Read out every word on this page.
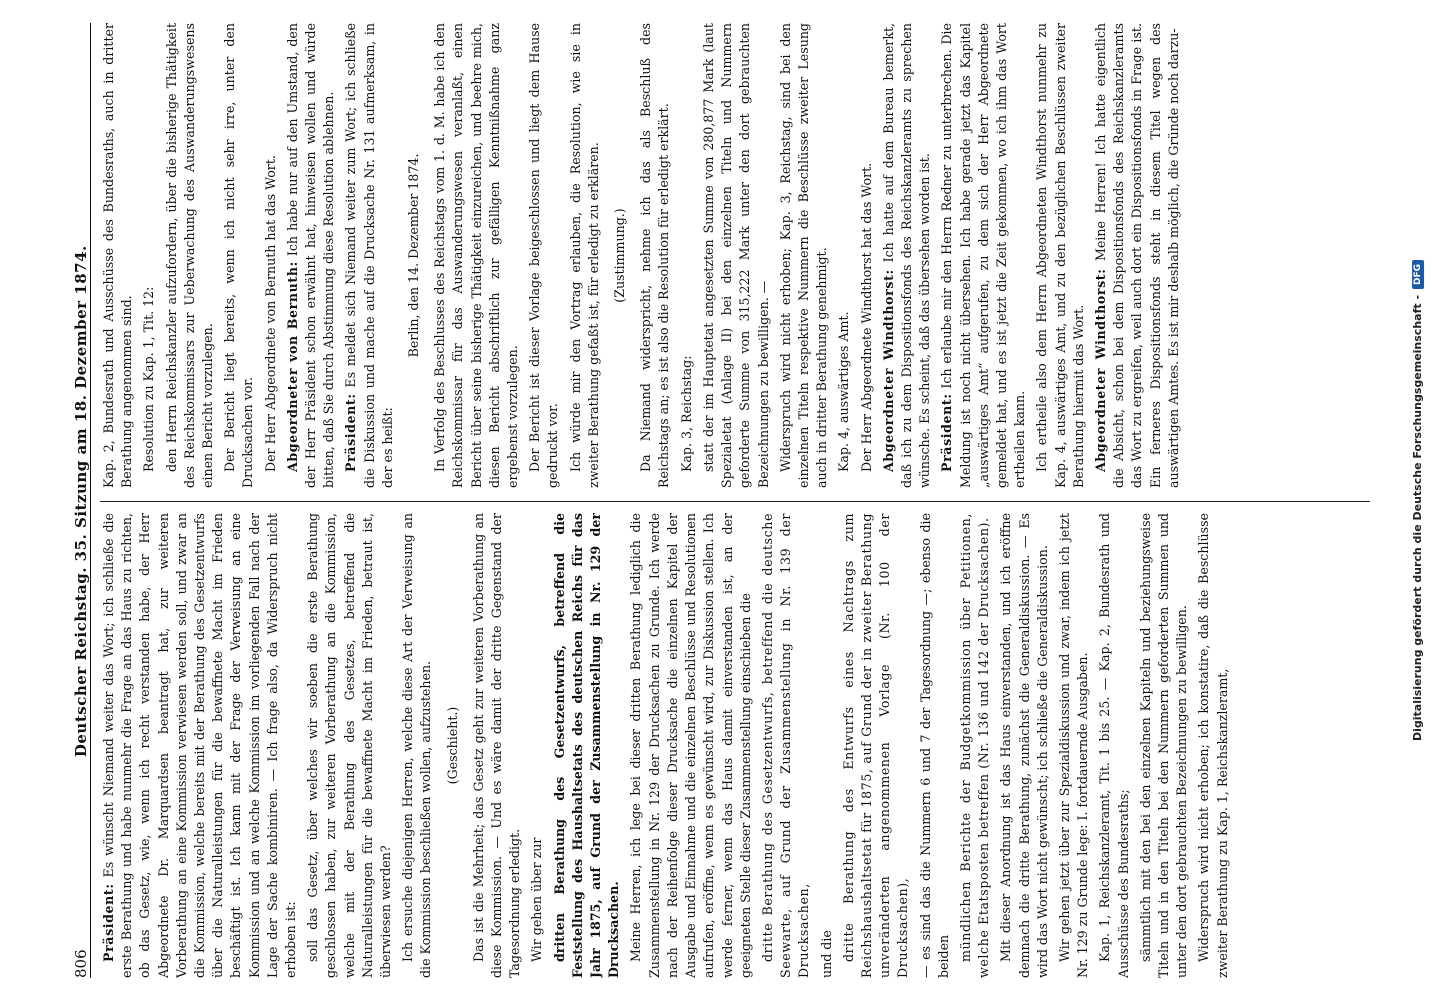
806
Deutscher Reichstag. 35. Sitzung am 18. Dezember 1874.

Präsident: Es wünscht Niemand weiter das Wort; ich schließe die erste Berathung und habe nunmehr die Frage an das Haus zu richten, ob das Gesetz, wie, wenn ich recht verstanden habe, der Herr Abgeordnete Dr. Marquardsen beantragt hat, zur weiteren Vorberathung an eine Kommission verwiesen werden soll, und zwar an die Kommission, welche bereits mit der Berathung des Gesetzentwurfs über die Naturalleistungen für die bewaffnete Macht im Frieden beschäftigt ist. Ich kann mit der Frage der Verweisung an eine Kommission und an welche Kommission im vorliegenden Fall nach der Lage der Sache kombiniren. — Ich frage also, da Widerspruch nicht erhoben ist: soll das Gesetz, über welches wir soeben die erste Berathung geschlossen haben, zur weiteren Vorberathung an die Kommission, welche mit der Berathung des Gesetzes, betreffend die Naturalleistungen für die bewaffnete Macht im Frieden, betraut ist, überwiesen werden? Ich ersuche diejenigen Herren, welche diese Art der Verweisung an die Kommission beschließen wollen, aufzustehen. (Geschieht.) Das ist die Mehrheit; das Gesetz geht zur weiteren Vorberathung an diese Kommission. — Und es wäre damit der dritte Gegenstand der Tagesordnung erledigt. Wir gehen über zur dritten Berathung des Gesetzentwurfs, betreffend die Feststellung des Haushaltsetats des deutschen Reichs für das Jahr 1875, auf Grund der Zusammenstellung in Nr. 129 der Drucksachen. Meine Herren, ich lege bei dieser dritten Berathung lediglich die Zusammenstellung in Nr. 129 der Drucksachen zu Grunde. Ich werde nach der Reihenfolge dieser Drucksache die einzelnen Kapitel der Ausgabe und Einnahme und die einzelnen Beschlüsse und Resolutionen aufrufen, eröffne, wenn es gewünscht wird, zur Diskussion stellen. Ich werde ferner, wenn das Haus damit einverstanden ist, an der geeigneten Stelle dieser Zusammenstellung einschieben die dritte Berathung des Gesetzentwurfs, betreffend die deutsche Seewarte, auf Grund der Zusammenstellung in Nr. 139 der Drucksachen, und die dritte Berathung des Entwurfs eines Nachtrags zum Reichshaushaltsetat für 1875, auf Grund der in zweiter Berathung unveränderten angenommenen Vorlage (Nr. 100 der Drucksachen), — es sind das die Nummern 6 und 7 der Tagesordnung —; ebenso die beiden mündlichen Berichte der Budgetkommission über Petitionen, welche Etatsposten betreffen (Nr. 136 und 142 der Drucksachen). Mit dieser Anordnung ist das Haus einverstanden, und ich eröffne demnach die dritte Berathung, zunächst die Generaldiskussion. — Es wird das Wort nicht gewünscht; ich schließe die Generaldiskussion. Wir gehen jetzt über zur Spezialdiskussion und zwar, indem ich jetzt Nr. 129 zu Grunde lege: I. fortdauernde Ausgaben. Kap. 1, Reichskanzleramt, Tit. 1 bis 25. — Kap. 2, Bundesrath und Ausschüsse des Bundesraths; sämmtlich mit den bei den einzelnen Kapiteln und beziehungsweise Titeln und in den Titeln bei den Nummern geforderten Summen und unter den dort gebrauchten Bezeichnungen zu bewilligen. Widerspruch wird nicht erhoben; ich konstatire, daß die Beschlüsse zweiter Berathung zu Kap. 1, Reichskanzleramt,

Kap. 2, Bundesrath und Ausschüsse des Bundesraths, auch in dritter Berathung angenommen sind. Resolution zu Kap. 1, Tit. 12: den Herrn Reichskanzler aufzufordern, über die bisherige Thätigkeit des Reichskommissars zur Ueberwachung des Auswanderungswesens einen Bericht vorzulegen. Der Bericht liegt bereits, wenn ich nicht sehr irre, unter den Drucksachen vor. Der Herr Abgeordnete von Bernuth hat das Wort. Abgeordneter von Bernuth: Ich habe nur auf den Umstand, den der Herr Präsident schon erwähnt hat, hinweisen wollen und würde bitten, daß Sie durch Abstimmung diese Resolution ablehnen. Präsident: Es meldet sich Niemand weiter zum Wort; ich schließe die Diskussion und mache auf die Drucksache Nr. 131 aufmerksam, in der es heißt:

Berlin, den 14. Dezember 1874. In Verfolg des Beschlusses des Reichstags vom 1. d. M. habe ich den Reichskommissar für das Auswanderungswesen veranlaßt, einen Bericht über seine bisherige Thätigkeit einzureichen, und beehre mich, diesen Bericht abschriftlich zur gefälligen Kenntnißnahme ganz ergebenst vorzulegen. Der Bericht ist dieser Vorlage beigeschlossen und liegt dem Hause gedruckt vor. Ich würde mir den Vortrag erlauben, die Resolution, wie sie in zweiter Berathung gefaßt ist, für erledigt zu erklären. (Zustimmung.) Da Niemand widerspricht, nehme ich das als Beschluß des Reichstags an; es ist also die Resolution für erledigt erklärt. Kap. 3, Reichstag: statt der im Hauptetat angesetzten Summe von 280,877 Mark (laut Spezialetat (Anlage II) bei den einzelnen Titeln und Nummern geforderte Summe von 315,222 Mark unter den dort gebrauchten Bezeichnungen zu bewilligen. — Widerspruch wird nicht erhoben; Kap. 3, Reichstag, sind bei den einzelnen Titeln respektive Nummern die Beschlüsse zweiter Lesung auch in dritter Berathung genehmigt. Kap. 4, auswärtiges Amt. Der Herr Abgeordnete Windthorst hat das Wort. Abgeordneter Windthorst: Ich hatte auf dem Bureau bemerkt, daß ich zu dem Dispositionsfonds des Reichskanzleramts zu sprechen wünsche. Es scheint, daß das übersehen worden ist. Präsident: Ich erlaube mir den Herrn Redner zu unterbrechen. Die Meldung ist noch nicht übersehen. Ich habe gerade jetzt das Kapitel „auswärtiges Amt“ aufgerufen, zu dem sich der Herr Abgeordnete gemeldet hat, und es ist jetzt die Zeit gekommen, wo ich ihm das Wort ertheilen kann. Ich ertheile also dem Herrn Abgeordneten Windthorst nunmehr zu Kap. 4, auswärtiges Amt, und zu den bezüglichen Beschlüssen zweiter Berathung hiermit das Wort. Abgeordneter Windthorst: Meine Herren! Ich hatte eigentlich die Absicht, schon bei dem Dispositionsfonds des Reichskanzleramts das Wort zu ergreifen, weil auch dort ein Dispositionsfonds in Frage ist. Ein ferneres Dispositionsfonds steht in diesem Titel wegen des auswärtigen Amtes. Es ist mir deshalb möglich, die Gründe noch darzu-

Digitalisierung gefördert durch die Deutsche Forschungsgemeinschaft -
DFG
